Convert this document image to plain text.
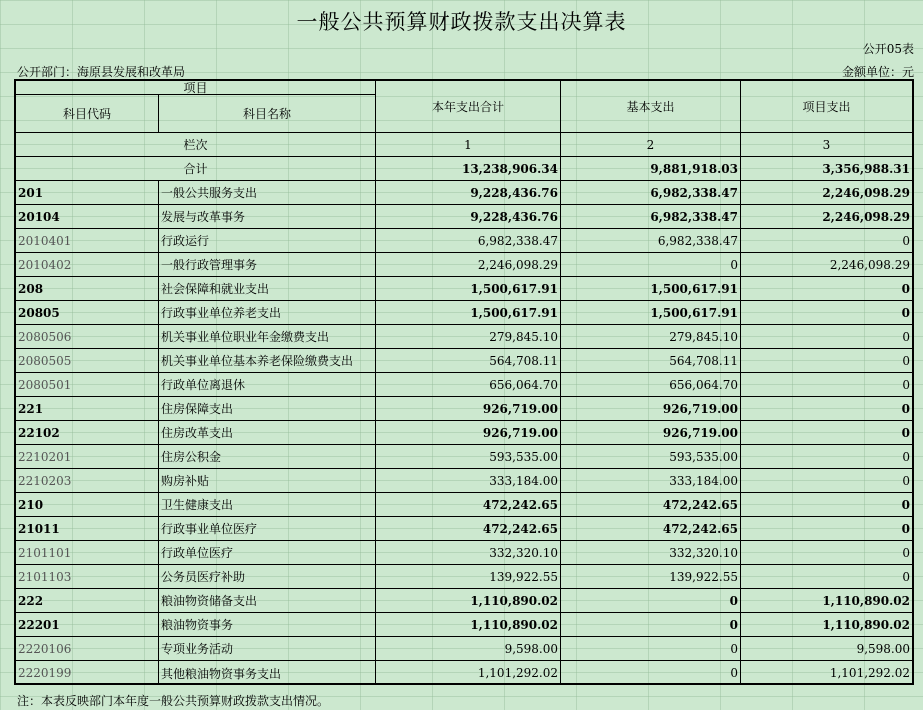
一般公共预算财政拨款支出决算表
公开05表
公开部门：海原县发展和改革局	金额单位：元
项目
科目代码	科目名称	本年支出合计	基本支出	项目支出
栏次	1	2	3
合计	13,238,906.34	9,881,918.03	3,356,988.31
201	一般公共服务支出	9,228,436.76	6,982,338.47	2,246,098.29
20104	发展与改革事务	9,228,436.76	6,982,338.47	2,246,098.29
2010401	行政运行	6,982,338.47	6,982,338.47	0
2010402	一般行政管理事务	2,246,098.29	0	2,246,098.29
208	社会保障和就业支出	1,500,617.91	1,500,617.91	0
20805	行政事业单位养老支出	1,500,617.91	1,500,617.91	0
2080506	机关事业单位职业年金缴费支出	279,845.10	279,845.10	0
2080505	机关事业单位基本养老保险缴费支出	564,708.11	564,708.11	0
2080501	行政单位离退休	656,064.70	656,064.70	0
221	住房保障支出	926,719.00	926,719.00	0
22102	住房改革支出	926,719.00	926,719.00	0
2210201	住房公积金	593,535.00	593,535.00	0
2210203	购房补贴	333,184.00	333,184.00	0
210	卫生健康支出	472,242.65	472,242.65	0
21011	行政事业单位医疗	472,242.65	472,242.65	0
2101101	行政单位医疗	332,320.10	332,320.10	0
2101103	公务员医疗补助	139,922.55	139,922.55	0
222	粮油物资储备支出	1,110,890.02	0	1,110,890.02
22201	粮油物资事务	1,110,890.02	0	1,110,890.02
2220106	专项业务活动	9,598.00	0	9,598.00
2220199	其他粮油物资事务支出	1,101,292.02	0	1,101,292.02
注：本表反映部门本年度一般公共预算财政拨款支出情况。
